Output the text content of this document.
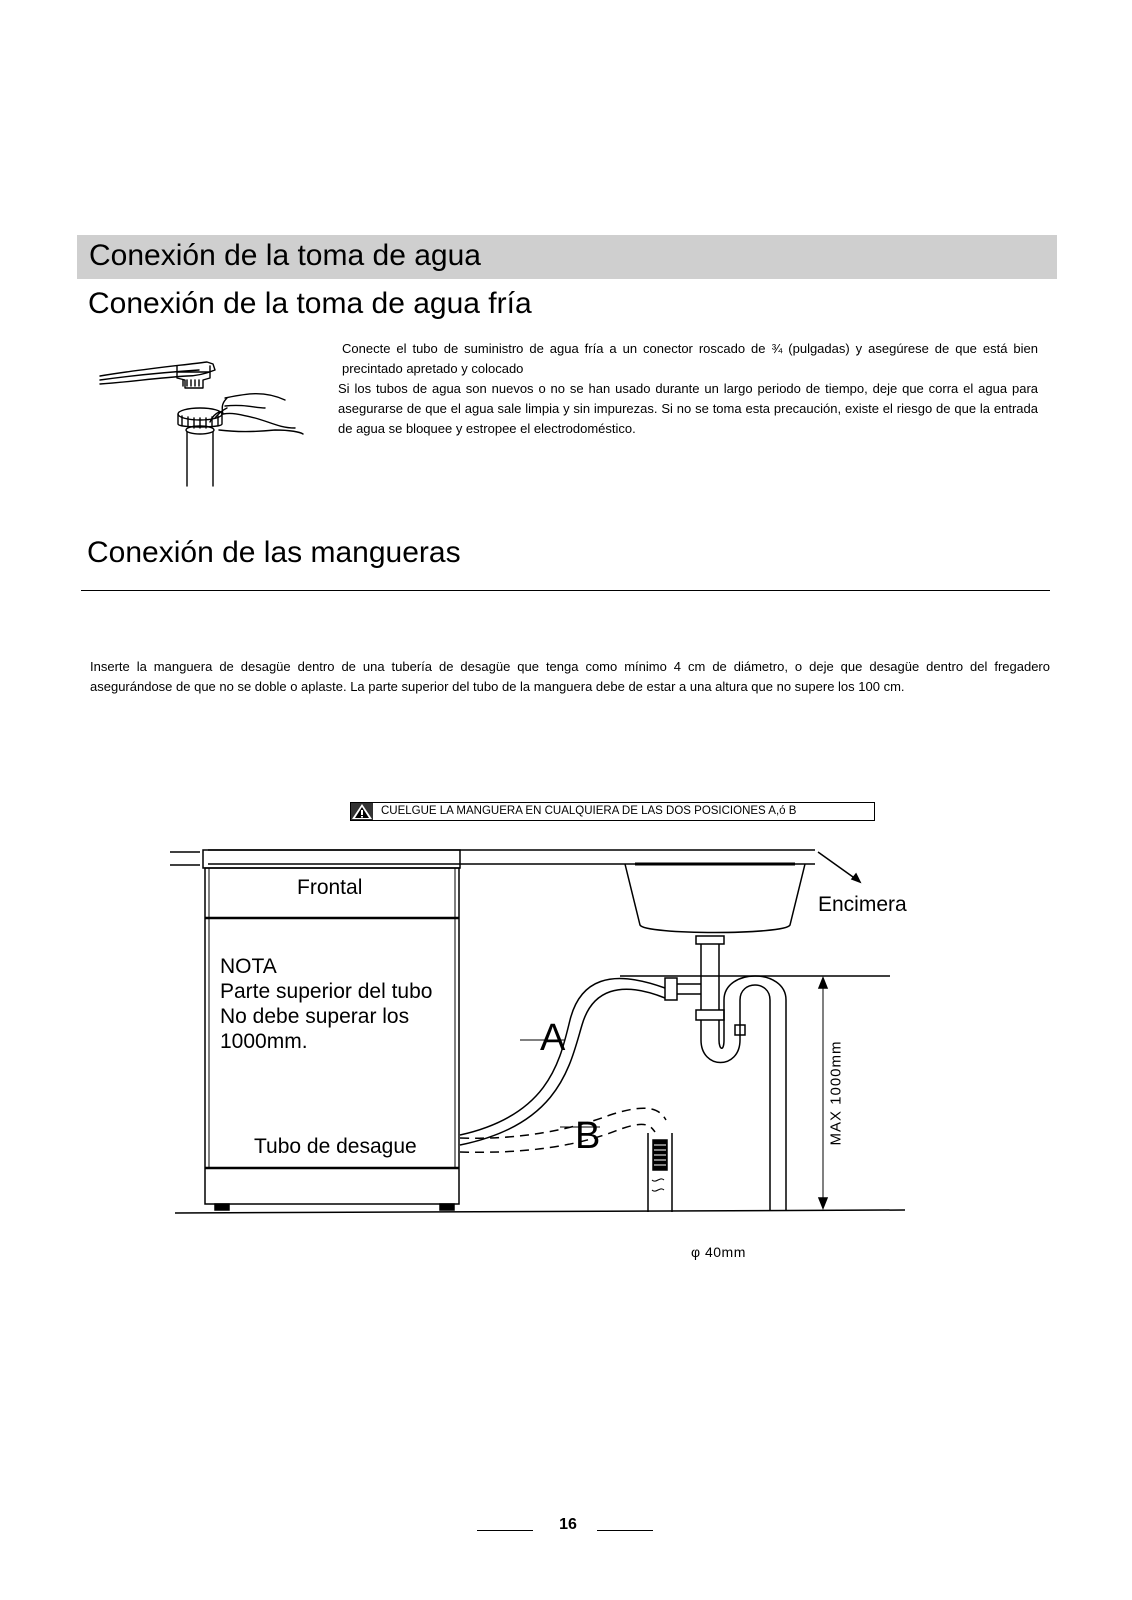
Conexión de la toma de agua
Conexión de la toma de agua fría

Conecte el tubo de suministro de agua fría a un conector roscado de ¾ (pulgadas) y asegúrese de que está bien precintado apretado y colocado

Si los tubos de agua son nuevos o no se han usado durante un largo periodo de tiempo, deje que corra el agua para asegurarse de que el agua sale limpia y sin impurezas. Si no se toma esta precaución, existe el riesgo de que la entrada de agua se bloquee y estropee el electrodoméstico.

Conexión de las mangueras
Inserte la manguera de desagüe dentro de una tubería de desagüe que tenga como mínimo 4 cm de diámetro, o deje que desagüe dentro del fregadero asegurándose de que no se doble o aplaste. La parte superior del tubo de la manguera debe de estar a una altura que no supere los 100 cm.
CUELGUE LA MANGUERA EN CUALQUIERA DE LAS DOS POSICIONES A,ó B
Frontal
Encimera
NOTA
Parte superior del tubo
No debe superar los
1000mm.
Tubo de desague
A
B	MAX 1000mm
φ 40mm
16
